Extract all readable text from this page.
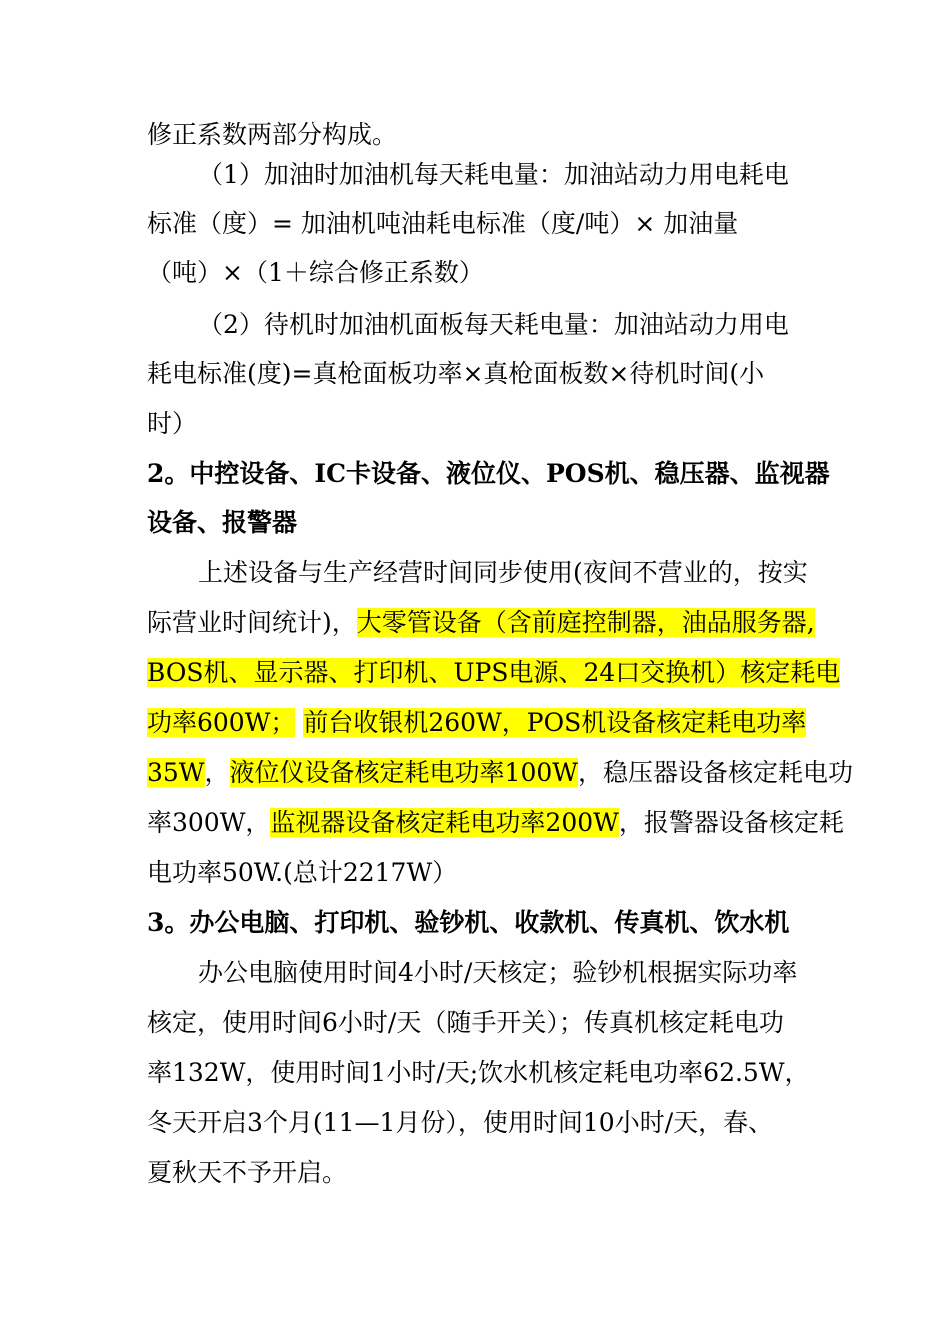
修正系数两部分构成。
（1）加油时加油机每天耗电量：加油站动力用电耗电
标准（度）= 加油机吨油耗电标准（度/吨）× 加油量
（吨）×（1＋综合修正系数）
（2）待机时加油机面板每天耗电量：加油站动力用电
耗电标准(度)=真枪面板功率×真枪面板数×待机时间(小
时）
2。中控设备、IC卡设备、液位仪、POS机、稳压器、监视器
设备、报警器
上述设备与生产经营时间同步使用(夜间不营业的，按实
际营业时间统计)，大零管设备（含前庭控制器，油品服务器,
BOS机、显示器、打印机、UPS电源、24口交换机）核定耗电
功率600W； 前台收银机260W，POS机设备核定耗电功率
35W，液位仪设备核定耗电功率100W，稳压器设备核定耗电功
率300W，监视器设备核定耗电功率200W，报警器设备核定耗
电功率50W.(总计2217W）
3。办公电脑、打印机、验钞机、收款机、传真机、饮水机
办公电脑使用时间4小时/天核定；验钞机根据实际功率
核定，使用时间6小时/天（随手开关）；传真机核定耗电功
率132W，使用时间1小时/天;饮水机核定耗电功率62.5W，
冬天开启3个月(11—1月份），使用时间10小时/天，春、
夏秋天不予开启。
